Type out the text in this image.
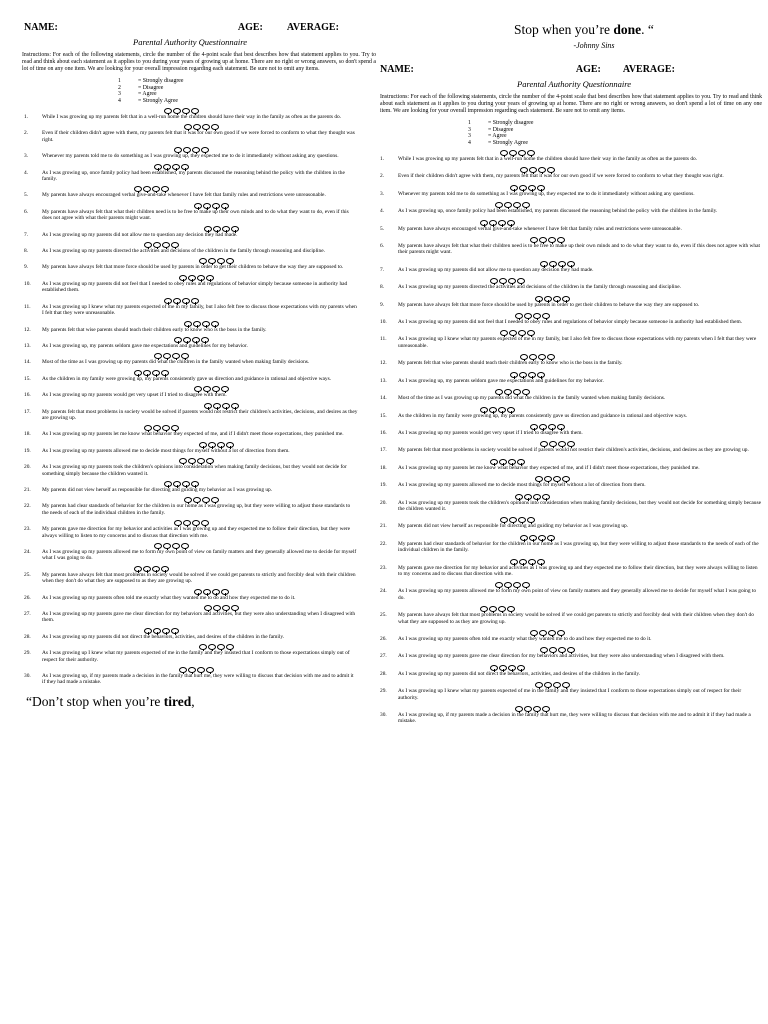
NAME:	AGE: AVERAGE:
Parental Authority Questionnaire
Instructions: For each of the following statements, circle the number of the 4-point scale that best describes how that statement applies to you. Try to read and think about each statement as it applies to you during your years of growing up at home. There are no right or wrong answers, so don't spend a lot of time on any one item. We are looking for your overall impression regarding each statement. Be sure not to omit any items.
1	= Strongly disagree
2	= Disagree
3	= Agree
4	= Strongly Agree
1.	While I was growing up my parents felt that in a well-run home the children should have their way in the family as often as the parents do.
2.	Even if their children didn't agree with them, my parents felt that it was for our own good if we were forced to conform to what they thought was right.
3.	Whenever my parents told me to do something as I was growing up, they expected me to do it immediately without asking any questions.
4.	As I was growing up, once family policy had been established, my parents discussed the reasoning behind the policy with the children in the family.
5.	My parents have always encouraged verbal give-and-take whenever I have felt that family rules and restrictions were unreasonable.
6.	My parents have always felt that what their children need is to be free to make up their own minds and to do what they want to do, even if this does not agree with what their parents might want.
7.	As I was growing up my parents did not allow me to question any decision they had made.
8.	As I was growing up my parents directed the activities and decisions of the children in the family through reasoning and discipline.
9.	My parents have always felt that more force should be used by parents in order to get their children to behave the way they are supposed to.
10. As I was growing up my parents did not feel that I needed to obey rules and regulations of behavior simply because someone in authority had established them.
11. As I was growing up I knew what my parents expected of me in my family, but I also felt free to discuss those expectations with my parents when I felt that they were unreasonable.
12. My parents felt that wise parents should teach their children early to know who is the boss in the family.
13. As I was growing up, my parents seldom gave me expectations and guidelines for my behavior.
14. Most of the time as I was growing up my parents did what the children in the family wanted when making family decisions.
15. As the children in my family were growing up, my parents consistently gave us direction and guidance in rational and objective ways.
16. As I was growing up my parents would get very upset if I tried to disagree with them.
17. My parents felt that most problems in society would be solved if parents would not restrict their children's activities, decisions, and desires as they are growing up.
18. As I was growing up my parents let me know what behavior they expected of me, and if I didn't meet those expectations, they punished me.
19. As I was growing up my parents allowed me to decide most things for myself without a lot of direction from them.
20. As I was growing up my parents took the children's opinions into consideration when making family decisions, but they would not decide for something simply because the children wanted it.
21. My parents did not view herself as responsible for directing and guiding my behavior as I was growing up.
22. My parents had clear standards of behavior for the children in our home as I was growing up, but they were willing to adjust those standards to the needs of each of the individual children in the family.
23. My parents gave me direction for my behavior and activities as I was growing up and they expected me to follow their direction, but they were always willing to listen to my concerns and to discuss that direction with me.
24. As I was growing up my parents allowed me to form my own point of view on family matters and they generally allowed me to decide for myself what I was going to do.
25. My parents have always felt that most problems in society would be solved if we could get parents to strictly and forcibly deal with their children when they don't do what they are supposed to as they are growing up.
26. As I was growing up my parents often told me exactly what they wanted me to do and how they expected me to do it.
27. As I was growing up my parents gave me clear direction for my behaviors and activities, but they were also understanding when I disagreed with them.
28. As I was growing up my parents did not direct the behaviors, activities, and desires of the children in the family.
29. As I was growing up I knew what my parents expected of me in the family and they insisted that I conform to those expectations simply out of respect for their authority.
30. As I was growing up, if my parents made a decision in the family that hurt me, they were willing to discuss that decision with me and to admit it if they had made a mistake.
“Don’t stop when you’re tired,
Stop when you’re done. “
-Johnny Sins
NAME:	AGE: AVERAGE:
Parental Authority Questionnaire
Instructions: For each of the following statements, circle the number of the 4-point scale that best describes how that statement applies to you. Try to read and think about each statement as it applies to you during your years of growing up at home. There are no right or wrong answers, so don't spend a lot of time on any one item. We are looking for your overall impression regarding each statement. Be sure not to omit any items.
1	= Strongly disagree
3	= Disagree
3	= Agree
4	= Strongly Agree
1.	While I was growing up my parents felt that in a well-run home the children should have their way in the family as often as the parents do.
2.	Even if their children didn't agree with them, my parents felt that it was for our own good if we were forced to conform to what they thought was right.
3.	Whenever my parents told me to do something as I was growing up, they expected me to do it immediately without asking any questions.
4.	As I was growing up, once family policy had been established, my parents discussed the reasoning behind the policy with the children in the family.
5.	My parents have always encouraged verbal give-and-take whenever I have felt that family rules and restrictions were unreasonable.
6.	My parents have always felt that what their children need is to be free to make up their own minds and to do what they want to do, even if this does not agree with what their parents might want.
7.	As I was growing up my parents did not allow me to question any decision they had made.
8.	As I was growing up my parents directed the activities and decisions of the children in the family through reasoning and discipline.
9.	My parents have always felt that more force should be used by parents in order to get their children to behave the way they are supposed to.
10. As I was growing up my parents did not feel that I needed to obey rules and regulations of behavior simply because someone in authority had established them.
11. As I was growing up I knew what my parents expected of me in my family, but I also felt free to discuss those expectations with my parents when I felt that they were unreasonable.
12. My parents felt that wise parents should teach their children early to know who is the boss in the family.
13. As I was growing up, my parents seldom gave me expectations and guidelines for my behavior.
14. Most of the time as I was growing up my parents did what the children in the family wanted when making family decisions.
15. As the children in my family were growing up, my parents consistently gave us direction and guidance in rational and objective ways.
16. As I was growing up my parents would get very upset if I tried to disagree with them.
17. My parents felt that most problems in society would be solved if parents would not restrict their children's activities, decisions, and desires as they are growing up.
18. As I was growing up my parents let me know what behavior they expected of me, and if I didn't meet those expectations, they punished me.
19. As I was growing up my parents allowed me to decide most things for myself without a lot of direction from them.
20. As I was growing up my parents took the children's opinions into consideration when making family decisions, but they would not decide for something simply because the children wanted it.
21. My parents did not view herself as responsible for directing and guiding my behavior as I was growing up.
22. My parents had clear standards of behavior for the children in our home as I was growing up, but they were willing to adjust those standards to the needs of each of the individual children in the family.
23. My parents gave me direction for my behavior and activities as I was growing up and they expected me to follow their direction, but they were always willing to listen to my concerns and to discuss that direction with me.
24. As I was growing up my parents allowed me to form my own point of view on family matters and they generally allowed me to decide for myself what I was going to do.
25. My parents have always felt that most problems in society would be solved if we could get parents to strictly and forcibly deal with their children when they don't do what they are supposed to as they are growing up.
26. As I was growing up my parents often told me exactly what they wanted me to do and how they expected me to do it.
27. As I was growing up my parents gave me clear direction for my behaviors and activities, but they were also understanding when I disagreed with them.
28. As I was growing up my parents did not direct the behaviors, activities, and desires of the children in the family.
29. As I was growing up I knew what my parents expected of me in the family and they insisted that I conform to those expectations simply out of respect for their authority.
30. As I was growing up, if my parents made a decision in the family that hurt me, they were willing to discuss that decision with me and to admit it if they had made a mistake.
